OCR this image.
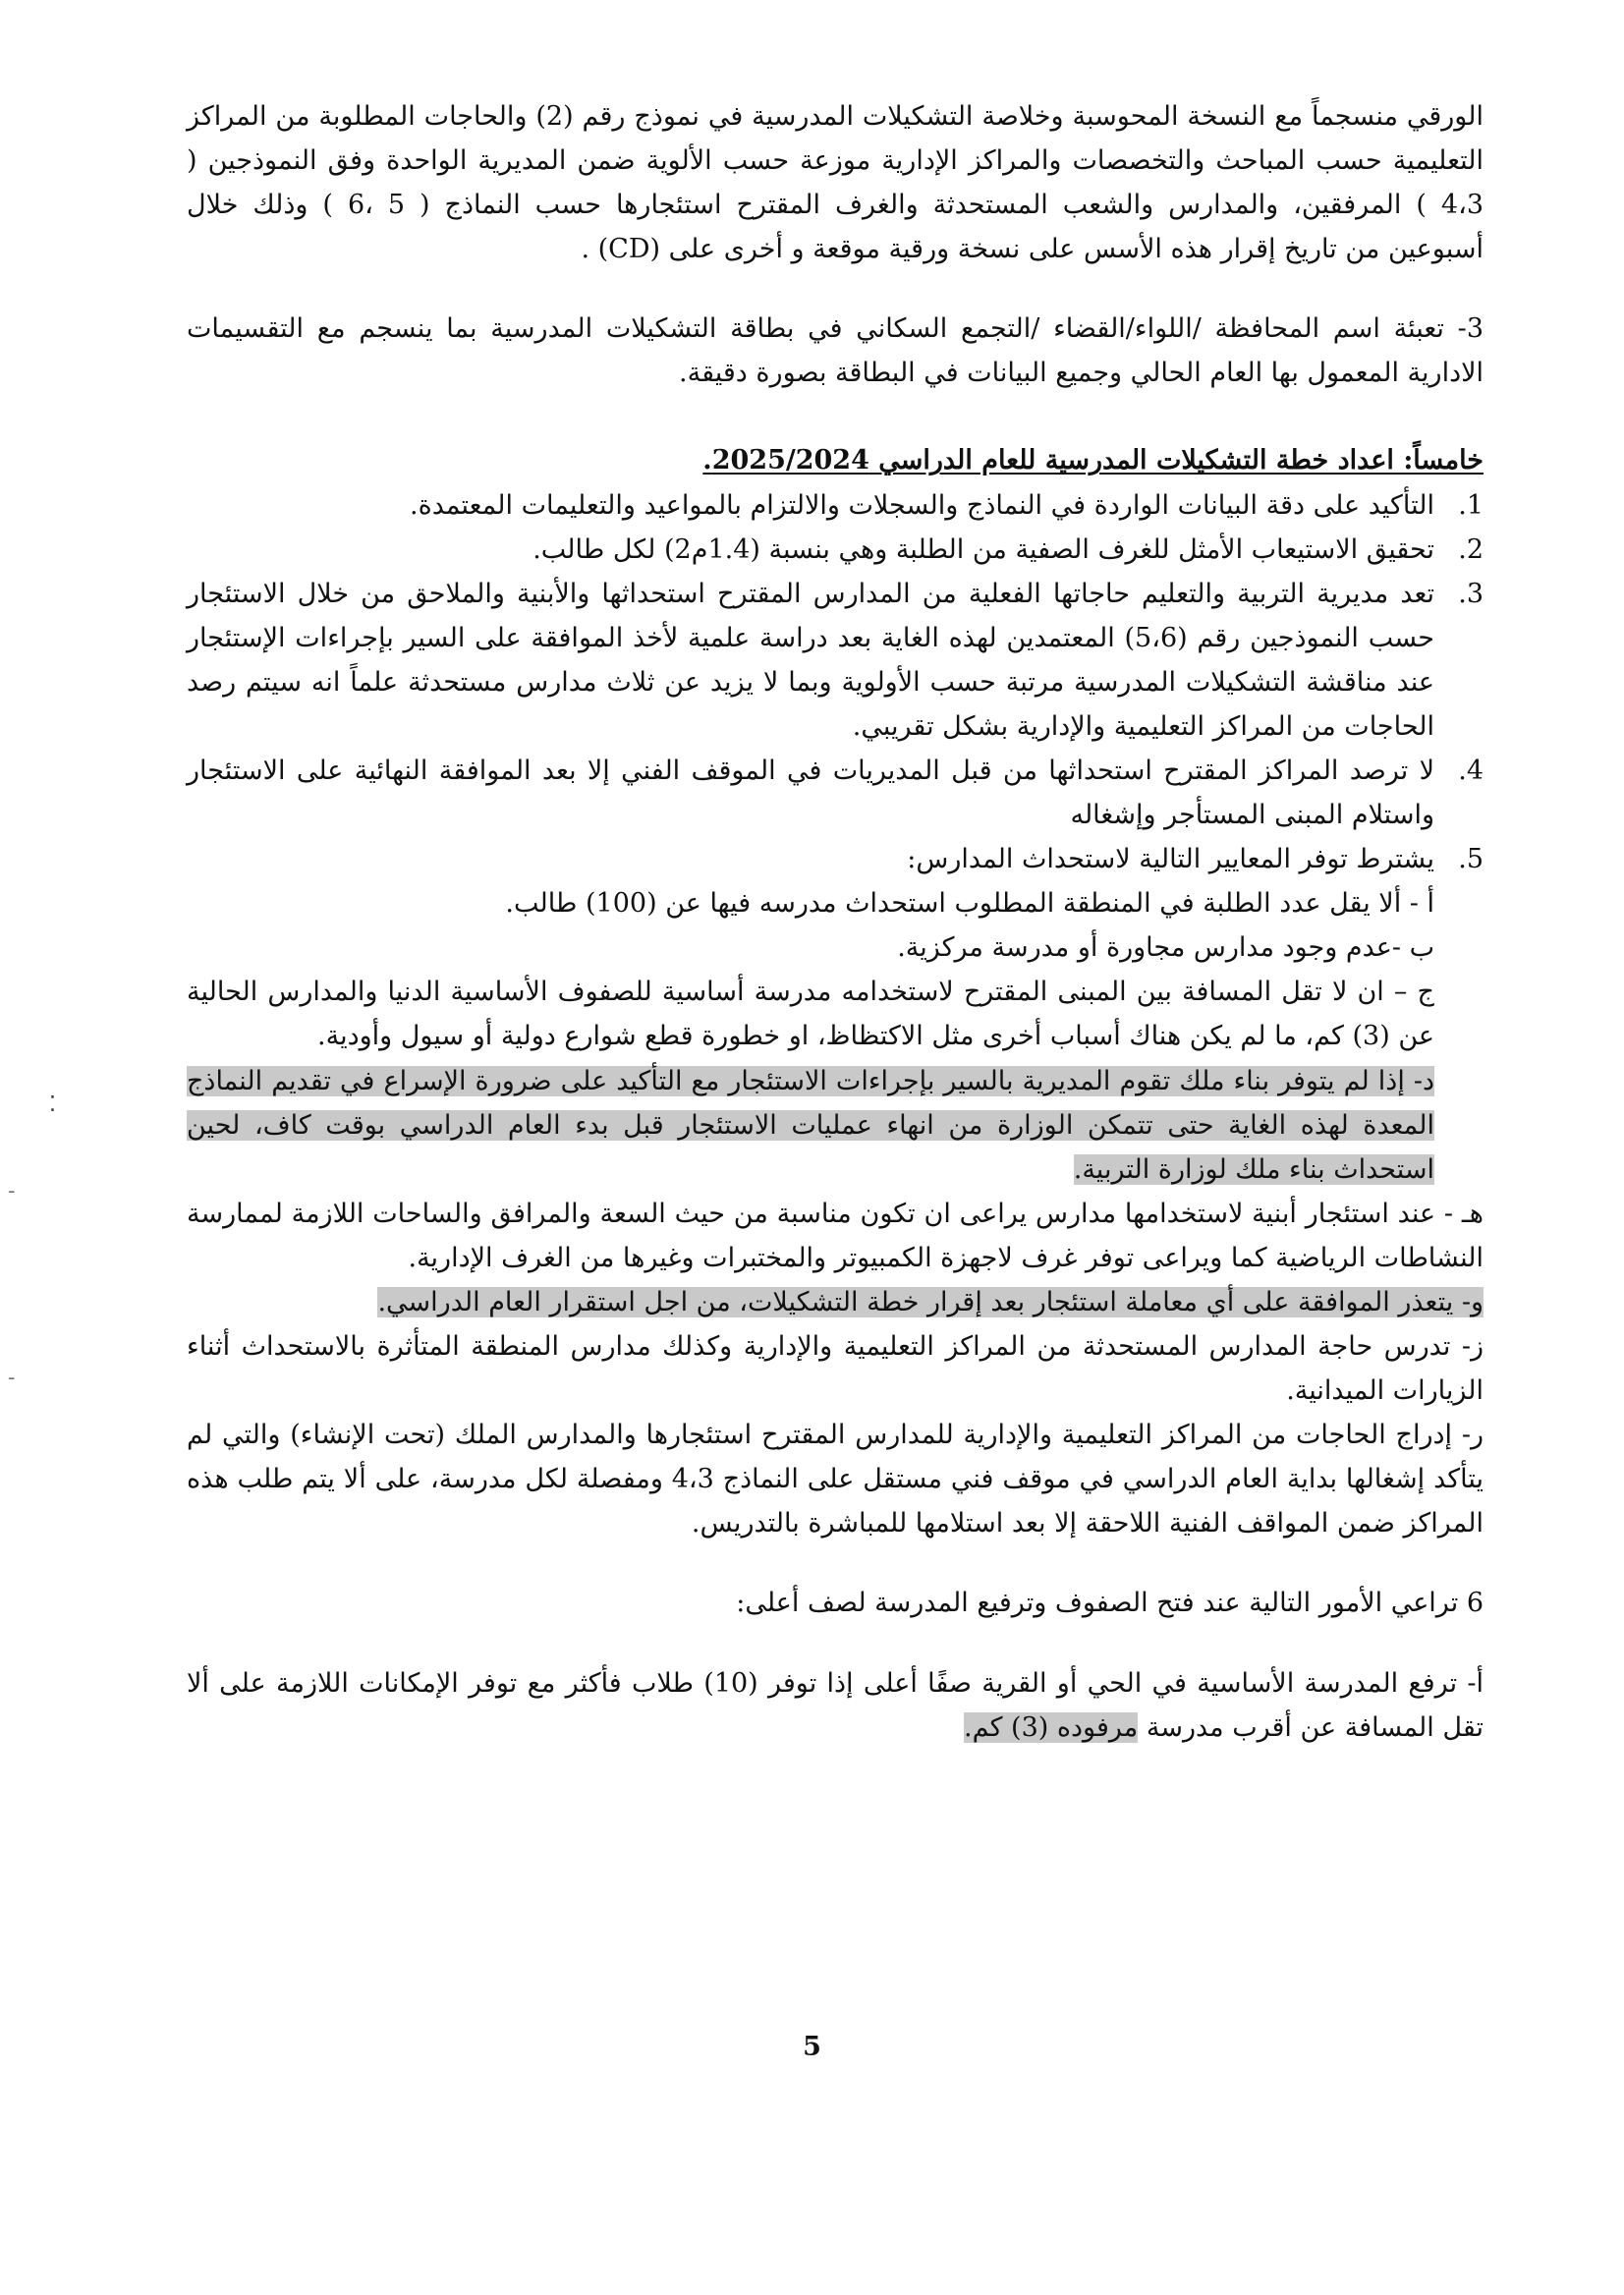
⁚
-
-

الورقي منسجماً مع النسخة المحوسبة وخلاصة التشكيلات المدرسية في نموذج رقم (2) والحاجات المطلوبة من المراكز التعليمية حسب المباحث والتخصصات والمراكز الإدارية موزعة حسب الألوية ضمن المديرية الواحدة وفق النموذجين ( 4،3 ) المرفقين، والمدارس والشعب المستحدثة والغرف المقترح استئجارها حسب النماذج ( 5 ،6 ) وذلك خلال أسبوعين من تاريخ إقرار هذه الأسس على نسخة ورقية موقعة و أخرى على (CD) .

3- تعبئة اسم المحافظة /اللواء/القضاء /التجمع السكاني في بطاقة التشكيلات المدرسية بما ينسجم مع التقسيمات الادارية المعمول بها العام الحالي وجميع البيانات في البطاقة بصورة دقيقة.

خامساً: اعداد خطة التشكيلات المدرسية للعام الدراسي 2025/2024.

1.
التأكيد على دقة البيانات الواردة في النماذج والسجلات والالتزام بالمواعيد والتعليمات المعتمدة.
2.
تحقيق الاستيعاب الأمثل للغرف الصفية من الطلبة وهي بنسبة (1.4م2) لكل طالب.
3.
تعد مديرية التربية والتعليم حاجاتها الفعلية من المدارس المقترح استحداثها والأبنية والملاحق من خلال الاستئجار حسب النموذجين رقم (5،6) المعتمدين لهذه الغاية بعد دراسة علمية لأخذ الموافقة على السير بإجراءات الإستئجار عند مناقشة التشكيلات المدرسية مرتبة حسب الأولوية وبما لا يزيد عن ثلاث مدارس مستحدثة علماً انه سيتم رصد الحاجات من المراكز التعليمية والإدارية بشكل تقريبي.
4.
لا ترصد المراكز المقترح استحداثها من قبل المديريات في الموقف الفني إلا بعد الموافقة النهائية على الاستئجار واستلام المبنى المستأجر وإشغاله
5.
يشترط توفر المعايير التالية لاستحداث المدارس:

أ - ألا يقل عدد الطلبة في المنطقة المطلوب استحداث مدرسه فيها عن (100) طالب.

ب -عدم وجود مدارس مجاورة أو مدرسة مركزية.

ج – ان لا تقل المسافة بين المبنى المقترح لاستخدامه مدرسة أساسية للصفوف الأساسية الدنيا والمدارس الحالية عن (3) كم، ما لم يكن هناك أسباب أخرى مثل الاكتظاظ، او خطورة قطع شوارع دولية أو سيول وأودية.

د- إذا لم يتوفر بناء ملك تقوم المديرية بالسير بإجراءات الاستئجار مع التأكيد على ضرورة الإسراع في تقديم النماذج المعدة لهذه الغاية حتى تتمكن الوزارة من انهاء عمليات الاستئجار قبل بدء العام الدراسي بوقت كاف، لحين استحداث بناء ملك لوزارة التربية.

هـ - عند استئجار أبنية لاستخدامها مدارس يراعى ان تكون مناسبة من حيث السعة والمرافق والساحات اللازمة لممارسة النشاطات الرياضية كما ويراعى توفر غرف لاجهزة الكمبيوتر والمختبرات وغيرها من الغرف الإدارية.

و- يتعذر الموافقة على أي معاملة استئجار بعد إقرار خطة التشكيلات، من اجل استقرار العام الدراسي.

ز- تدرس حاجة المدارس المستحدثة من المراكز التعليمية والإدارية وكذلك مدارس المنطقة المتأثرة بالاستحداث أثناء الزيارات الميدانية.

ر- إدراج الحاجات من المراكز التعليمية والإدارية للمدارس المقترح استئجارها والمدارس الملك (تحت الإنشاء) والتي لم يتأكد إشغالها بداية العام الدراسي في موقف فني مستقل على النماذج 4،3 ومفصلة لكل مدرسة، على ألا يتم طلب هذه المراكز ضمن المواقف الفنية اللاحقة إلا بعد استلامها للمباشرة بالتدريس.

6 تراعي الأمور التالية عند فتح الصفوف وترفيع المدرسة لصف أعلى:

أ- ترفع المدرسة الأساسية في الحي أو القرية صفًا أعلى إذا توفر (10) طلاب فأكثر مع توفر الإمكانات اللازمة على ألا تقل المسافة عن أقرب مدرسة مرفوده (3) كم.

5
